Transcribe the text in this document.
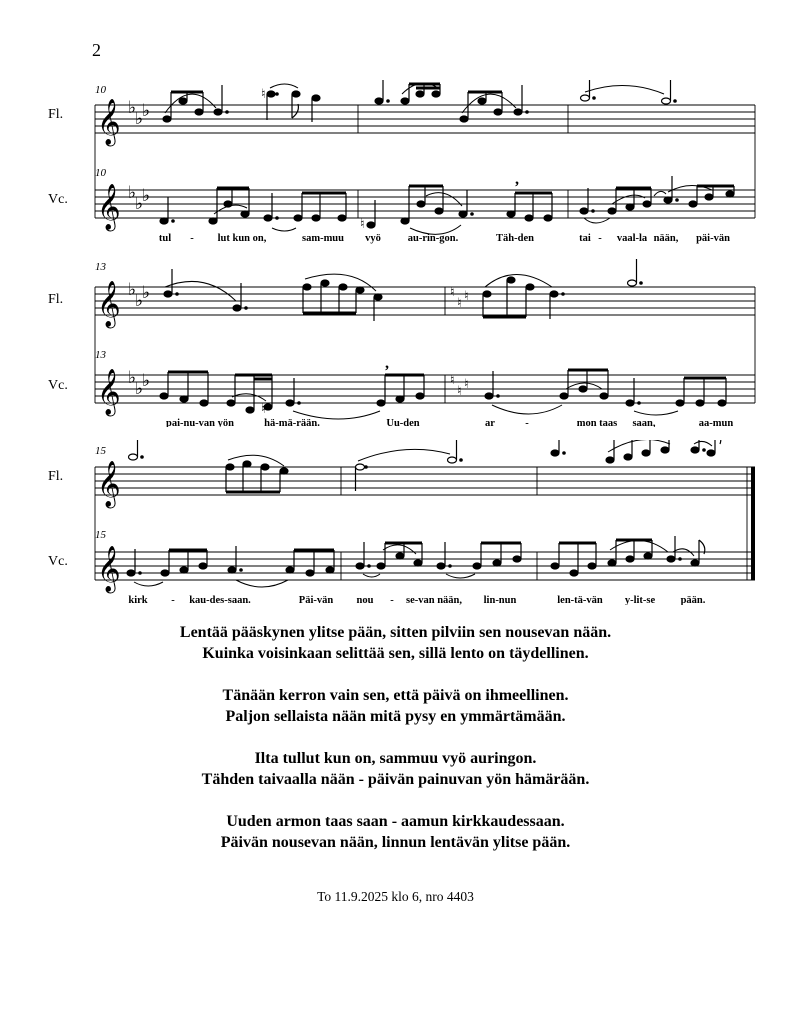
2
10
10
Fl.
Vc.
𝄞 ♭
♭
♭
♮
𝄞 ♭
♭
♭
♮
,
tul - lut kun on,	sam-muu vyö	au-rin-gon.	Täh-den	tai - vaal-la nään, päi-vän
13
13
Fl.
Vc.
𝄞 ♭
♭
♭	♮
♮ ♮
𝄞 ♭
♭
♭
♮
,
♮
♮ ♮
pai-nu-van yön	hä-mä-rään.	Uu-den	ar	-	mon taas saan,	aa-mun
15
15
Fl.
Vc.
𝄞
𝄞
kirk - kau-des-saan.	Päi-vän nou - se-van nään, lin-nun	len-tä-vän y-lit-se pään.
Lentää pääskynen ylitse pään, sitten pilviin sen nousevan nään.
Kuinka voisinkaan selittää sen, sillä lento on täydellinen.
Tänään kerron vain sen, että päivä on ihmeellinen.
Paljon sellaista nään mitä pysy en ymmärtämään.
Ilta tullut kun on, sammuu vyö auringon.
Tähden taivaalla nään - päivän painuvan yön hämärään.
Uuden armon taas saan - aamun kirkkaudessaan.
Päivän nousevan nään, linnun lentävän ylitse pään.
To 11.9.2025 klo 6, nro 4403
